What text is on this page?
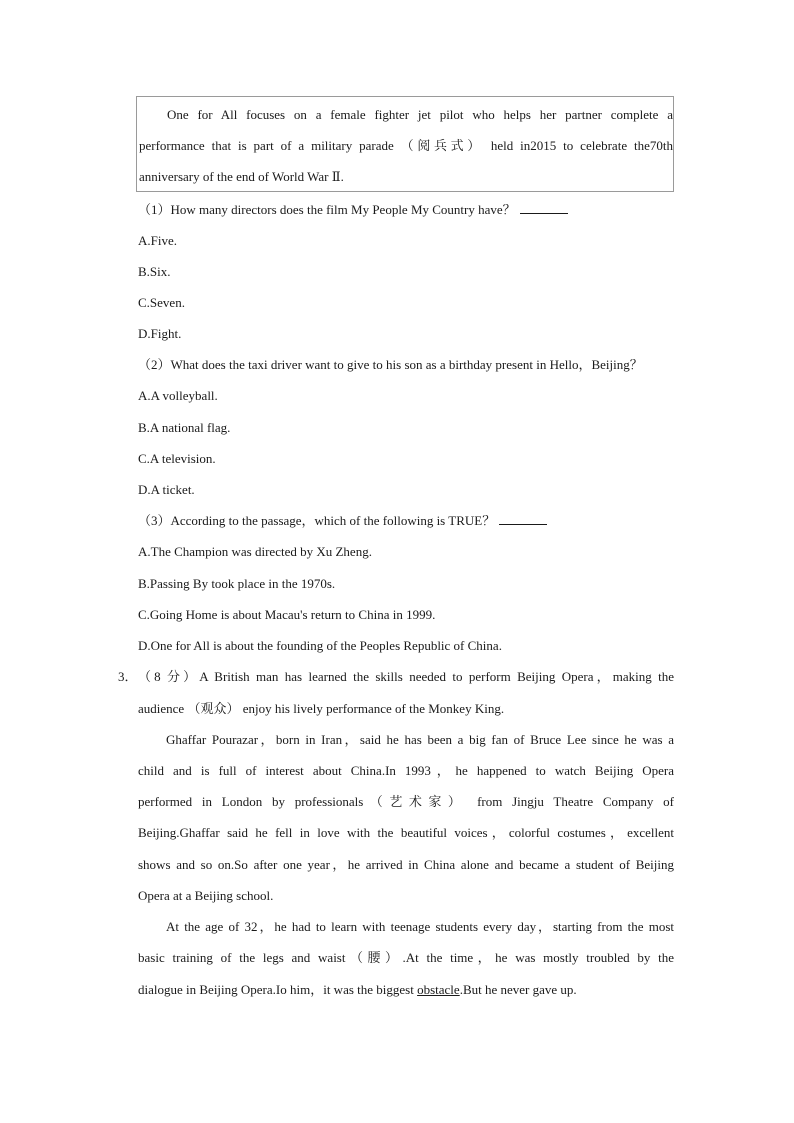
One for All focuses on a female fighter jet pilot who helps her partner complete a
performance that is part of a military parade （阅兵式） held in2015 to celebrate the70th
anniversary of the end of World War Ⅱ.
（1）How many directors does the film My People My Country have？
A.Five.
B.Six.
C.Seven.
D.Fight.
（2）What does the taxi driver want to give to his son as a birthday present in Hello，Beijing？
A.A volleyball.
B.A national flag.
C.A television.
D.A ticket.
（3）According to the passage，which of the following is TRUE？
A.The Champion was directed by Xu Zheng.
B.Passing By took place in the 1970s.
C.Going Home is about Macau's return to China in 1999.
D.One for All is about the founding of the Peoples Republic of China.
3． （8 分）A British man has learned the skills needed to perform Beijing Opera，making the
audience （观众） enjoy his lively performance of the Monkey King.
Ghaffar Pourazar，born in Iran，said he has been a big fan of Bruce Lee since he was a
child and is full of interest about China.In 1993，he happened to watch Beijing Opera
performed in London by professionals（艺术家） from Jingju Theatre Company of
Beijing.Ghaffar said he fell in love with the beautiful voices，colorful costumes，excellent
shows and so on.So after one year，he arrived in China alone and became a student of Beijing
Opera at a Beijing school.
At the age of 32，he had to learn with teenage students every day，starting from the most
basic training of the legs and waist（腰）.At the time，he was mostly troubled by the
dialogue in Beijing Opera.Io him，it was the biggest obstacle.But he never gave up.
